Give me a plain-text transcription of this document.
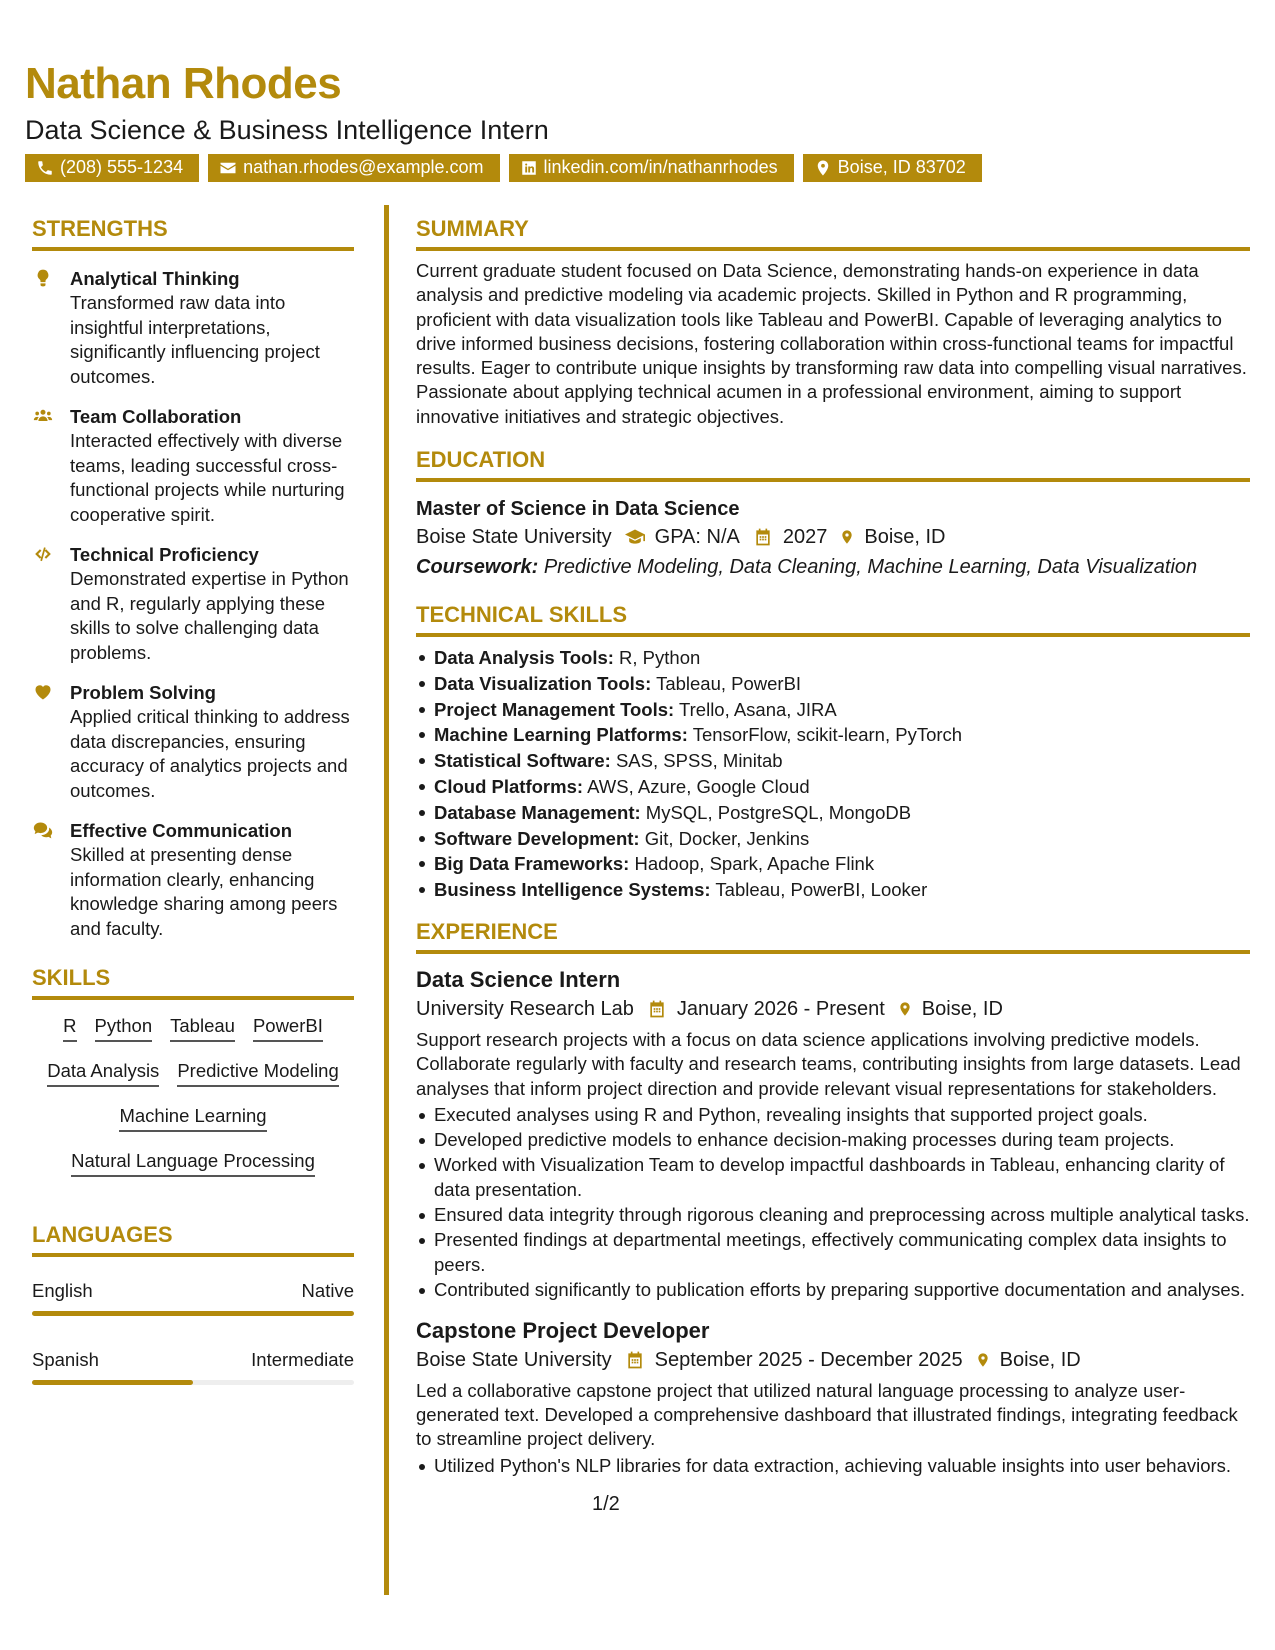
Nathan Rhodes
Data Science & Business Intelligence Intern
(208) 555-1234	nathan.rhodes@example.com	linkedin.com/in/nathanrhodes	Boise, ID 83702
STRENGTHS
Analytical Thinking
Transformed raw data into insightful interpretations, significantly influencing project outcomes.
Team Collaboration
Interacted effectively with diverse teams, leading successful cross-functional projects while nurturing cooperative spirit.
Technical Proficiency
Demonstrated expertise in Python and R, regularly applying these skills to solve challenging data problems.
Problem Solving
Applied critical thinking to address data discrepancies, ensuring accuracy of analytics projects and outcomes.
Effective Communication
Skilled at presenting dense information clearly, enhancing knowledge sharing among peers and faculty.
SKILLS
R Python Tableau PowerBI
Data Analysis Predictive Modeling
Machine Learning
Natural Language Processing
LANGUAGES
English	Native
Spanish	Intermediate
SUMMARY
Current graduate student focused on Data Science, demonstrating hands-on experience in data analysis and predictive modeling via academic projects. Skilled in Python and R programming, proficient with data visualization tools like Tableau and PowerBI. Capable of leveraging analytics to drive informed business decisions, fostering collaboration within cross-functional teams for impactful results. Eager to contribute unique insights by transforming raw data into compelling visual narratives. Passionate about applying technical acumen in a professional environment, aiming to support innovative initiatives and strategic objectives.
EDUCATION
Master of Science in Data Science
Boise State University GPA: N/A 2027 Boise, ID
Coursework: Predictive Modeling, Data Cleaning, Machine Learning, Data Visualization
TECHNICAL SKILLS
Data Analysis Tools: R, Python
Data Visualization Tools: Tableau, PowerBI
Project Management Tools: Trello, Asana, JIRA
Machine Learning Platforms: TensorFlow, scikit-learn, PyTorch
Statistical Software: SAS, SPSS, Minitab
Cloud Platforms: AWS, Azure, Google Cloud
Database Management: MySQL, PostgreSQL, MongoDB
Software Development: Git, Docker, Jenkins
Big Data Frameworks: Hadoop, Spark, Apache Flink
Business Intelligence Systems: Tableau, PowerBI, Looker
EXPERIENCE
Data Science Intern
University Research Lab January 2026 - Present Boise, ID
Support research projects with a focus on data science applications involving predictive models. Collaborate regularly with faculty and research teams, contributing insights from large datasets. Lead analyses that inform project direction and provide relevant visual representations for stakeholders.
Executed analyses using R and Python, revealing insights that supported project goals.
Developed predictive models to enhance decision-making processes during team projects.
Worked with Visualization Team to develop impactful dashboards in Tableau, enhancing clarity of data presentation.
Ensured data integrity through rigorous cleaning and preprocessing across multiple analytical tasks.
Presented findings at departmental meetings, effectively communicating complex data insights to peers.
Contributed significantly to publication efforts by preparing supportive documentation and analyses.
Capstone Project Developer
Boise State University September 2025 - December 2025 Boise, ID
Led a collaborative capstone project that utilized natural language processing to analyze user-generated text. Developed a comprehensive dashboard that illustrated findings, integrating feedback to streamline project delivery.
Utilized Python's NLP libraries for data extraction, achieving valuable insights into user behaviors.
1/2
